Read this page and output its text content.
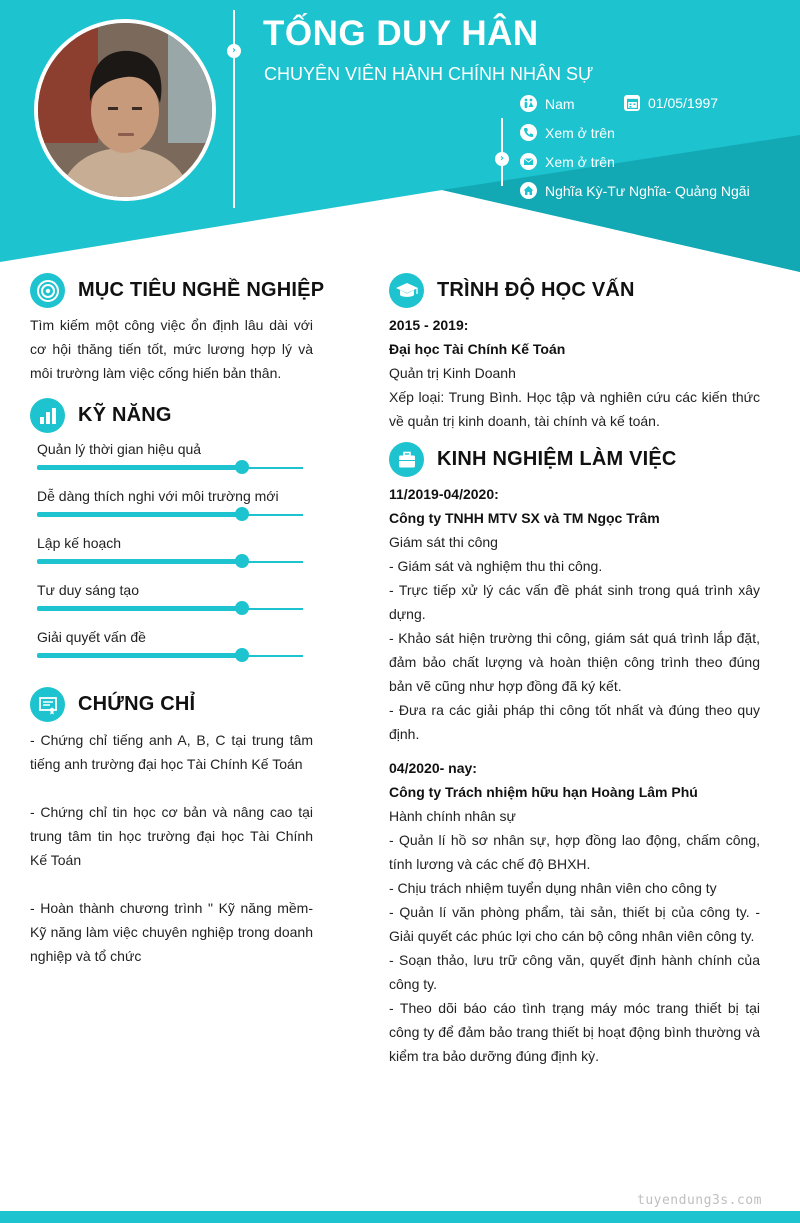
› TỐNG DUY HÂN
CHUYÊN VIÊN HÀNH CHÍNH NHÂN SỰ
›
Nam	01/05/1997
Xem ở trên
Xem ở trên
Nghĩa Kỳ-Tư Nghĩa- Quảng Ngãi
MỤC TIÊU NGHỀ NGHIỆP
Tìm kiếm một công việc ổn định lâu dài với cơ hội thăng tiến tốt, mức lương hợp lý và môi trường làm việc cống hiến bản thân.
KỸ NĂNG
Quản lý thời gian hiệu quả
Dễ dàng thích nghi với môi trường mới
Lập kế hoạch
Tư duy sáng tạo
Giải quyết vấn đề
CHỨNG CHỈ
- Chứng chỉ tiếng anh A, B, C tại trung tâm tiếng anh trường đại học Tài Chính Kế Toán
- Chứng chỉ tin học cơ bản và nâng cao tại trung tâm tin học trường đại học Tài Chính Kế Toán
- Hoàn thành chương trình " Kỹ năng mềm- Kỹ năng làm việc chuyên nghiệp trong doanh nghiệp và tổ chức
TRÌNH ĐỘ HỌC VẤN
2015 - 2019:
Đại học Tài Chính Kế Toán
Quản trị Kinh Doanh

Xếp loại: Trung Bình. Học tập và nghiên cứu các kiến thức về quản trị kinh doanh, tài chính và kế toán.

KINH NGHIỆM LÀM VIỆC
11/2019-04/2020:
Công ty TNHH MTV SX và TM Ngọc Trâm
Giám sát thi công

- Giám sát và nghiệm thu thi công.

- Trực tiếp xử lý các vấn đề phát sinh trong quá trình xây dựng.

- Khảo sát hiện trường thi công, giám sát quá trình lắp đặt, đảm bảo chất lượng và hoàn thiện công trình theo đúng bản vẽ cũng như hợp đồng đã ký kết.

- Đưa ra các giải pháp thi công tốt nhất và đúng theo quy định.

04/2020- nay:
Công ty Trách nhiệm hữu hạn Hoàng Lâm Phú
Hành chính nhân sự

- Quản lí hồ sơ nhân sự, hợp đồng lao động, chấm công, tính lương và các chế độ BHXH.

- Chịu trách nhiệm tuyển dụng nhân viên cho công ty

- Quản lí văn phòng phẩm, tài sản, thiết bị của công ty. - Giải quyết các phúc lợi cho cán bộ công nhân viên công ty.

- Soạn thảo, lưu trữ công văn, quyết định hành chính của công ty.

- Theo dõi báo cáo tình trạng máy móc trang thiết bị tại công ty để đảm bảo trang thiết bị hoạt động bình thường và kiểm tra bảo dưỡng đúng định kỳ.

tuyendung3s.com
